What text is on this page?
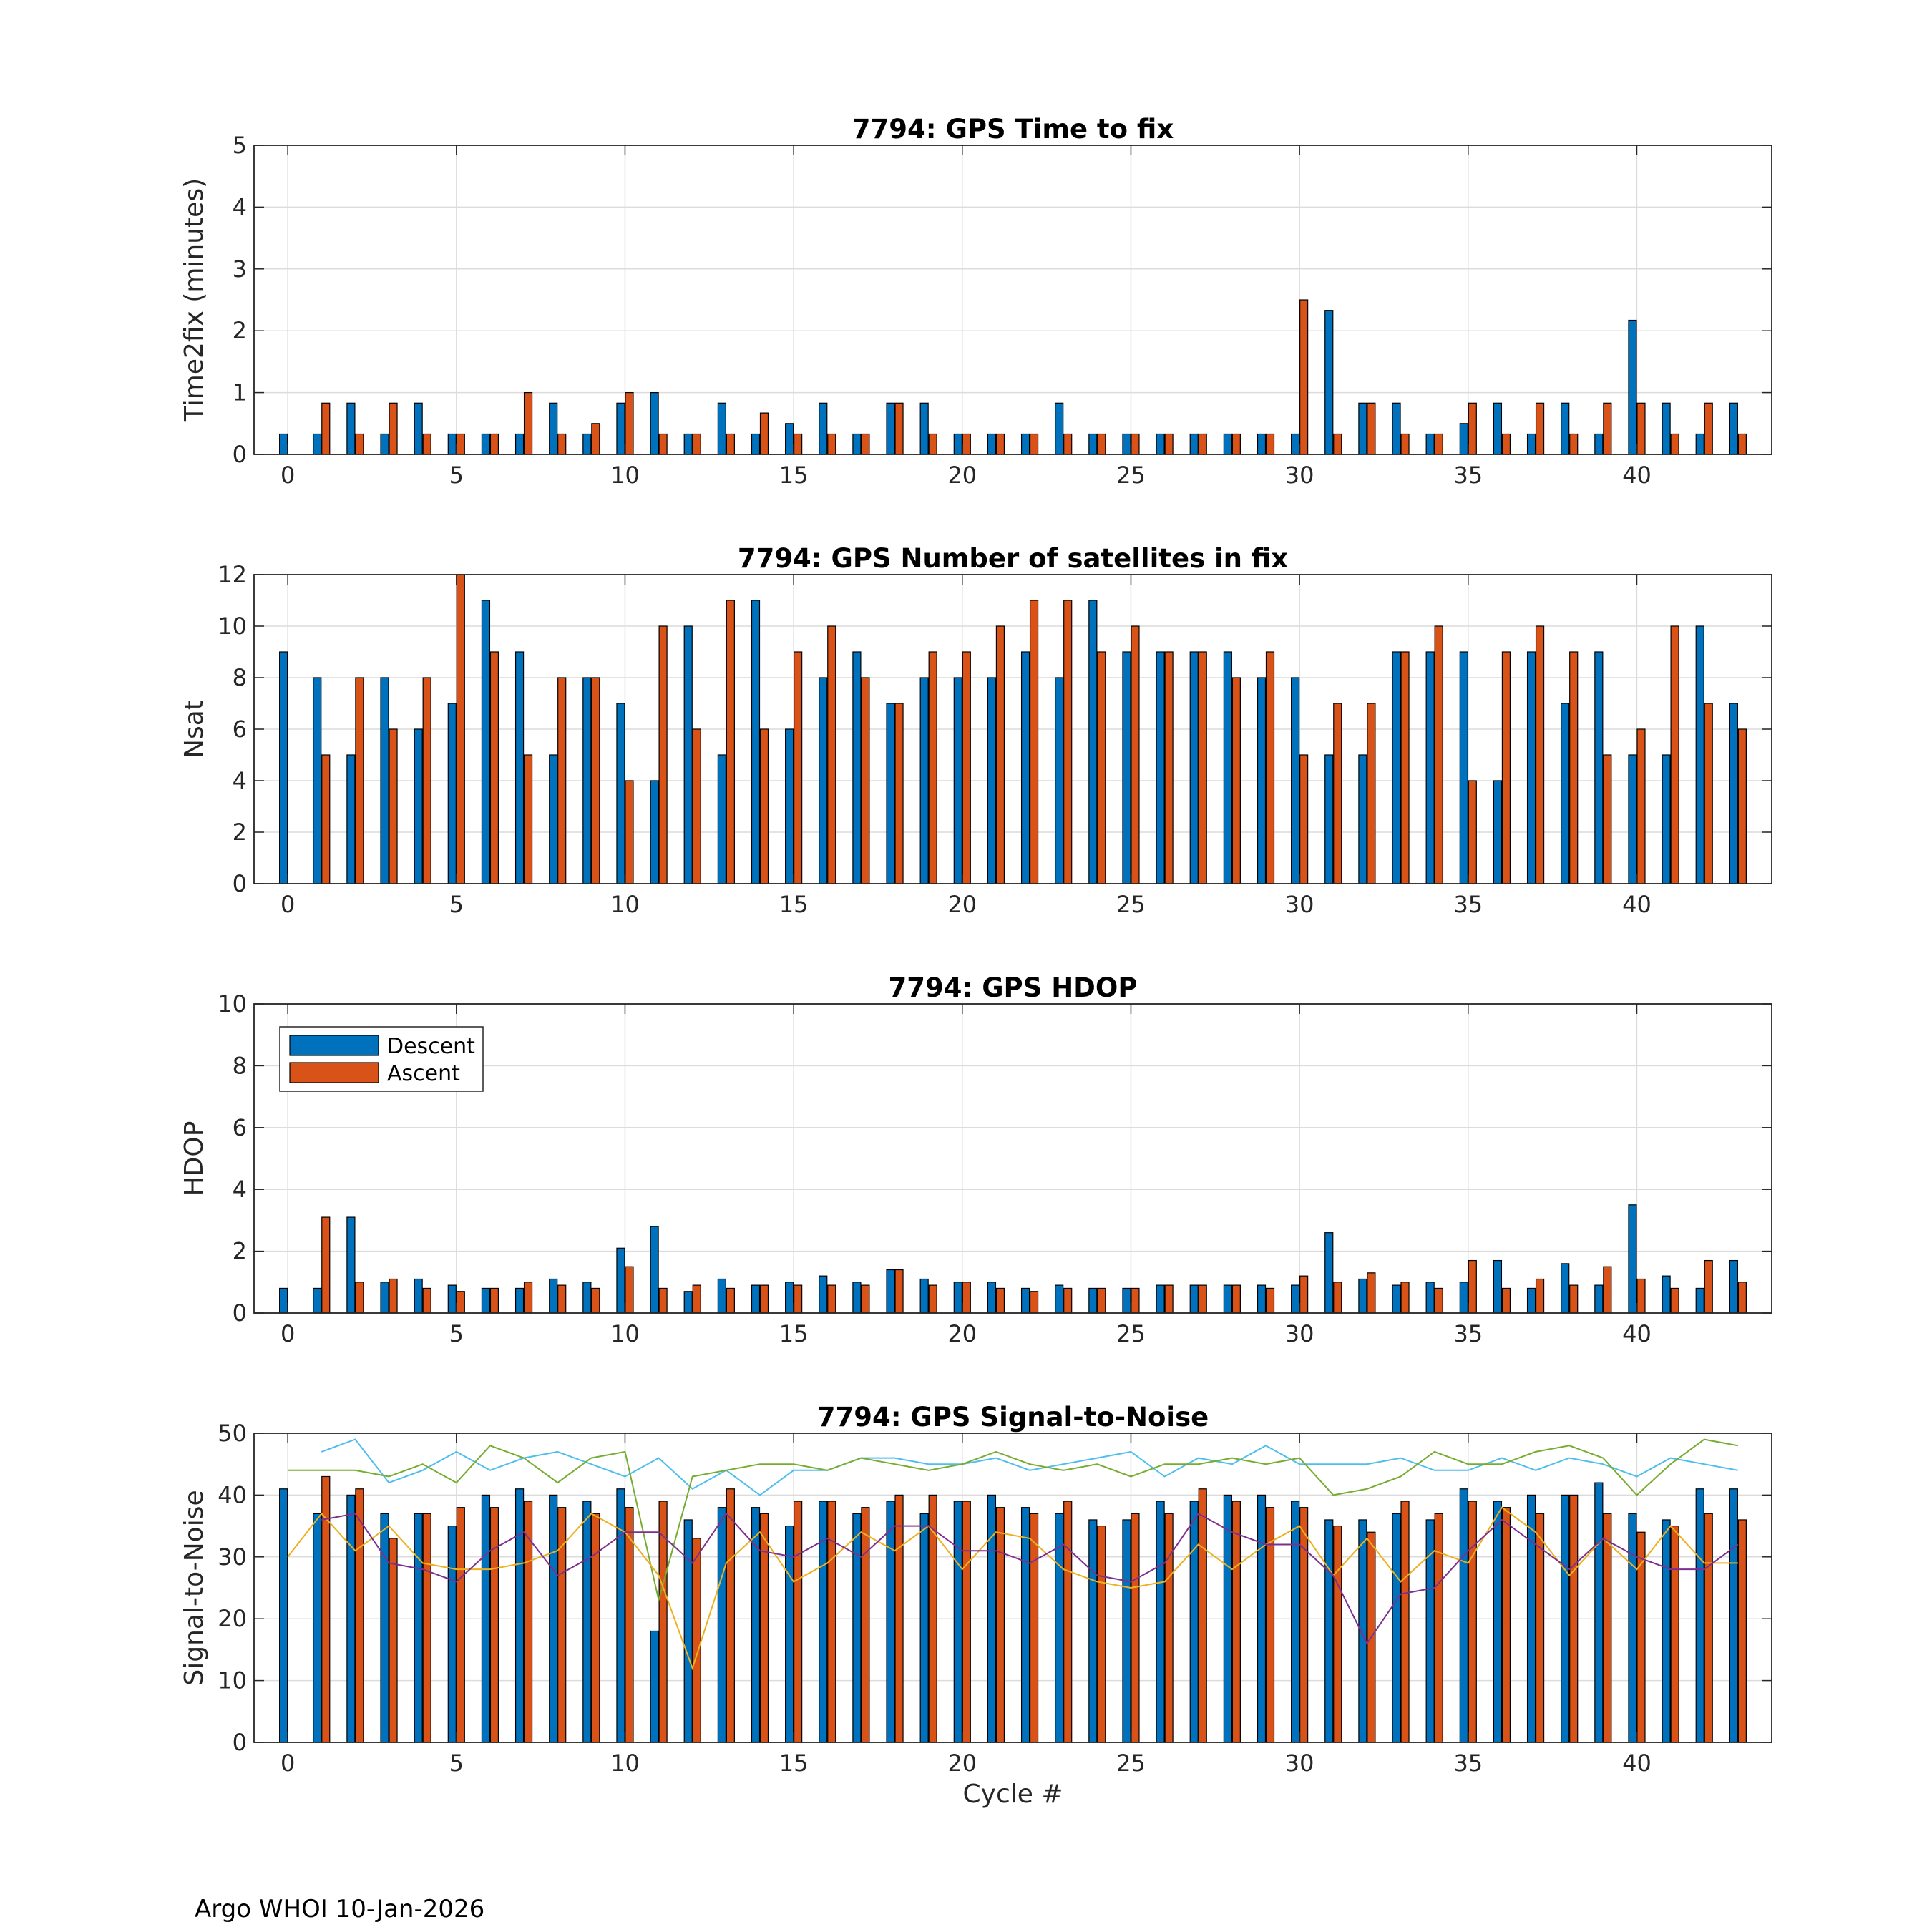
0	5	10	15	20	25	30	35	40
0
1
2
3
4
5
7794: GPS Time to fix
Time2fix (minutes)
0	5	10	15	20	25	30	35	40
0
2
4
6
8
10
12
7794: GPS Number of satellites in fix
Nsat
0	5	10	15	20	25	30	35	40
0
2
4
6
8
10
7794: GPS HDOP
HDOP
Descent
Ascent
0	5	10	15	20	25	30	35	40
0
10
20
30
40
50
7794: GPS Signal-to-Noise
Signal-to-Noise
Cycle #
Argo WHOI 10-Jan-2026
